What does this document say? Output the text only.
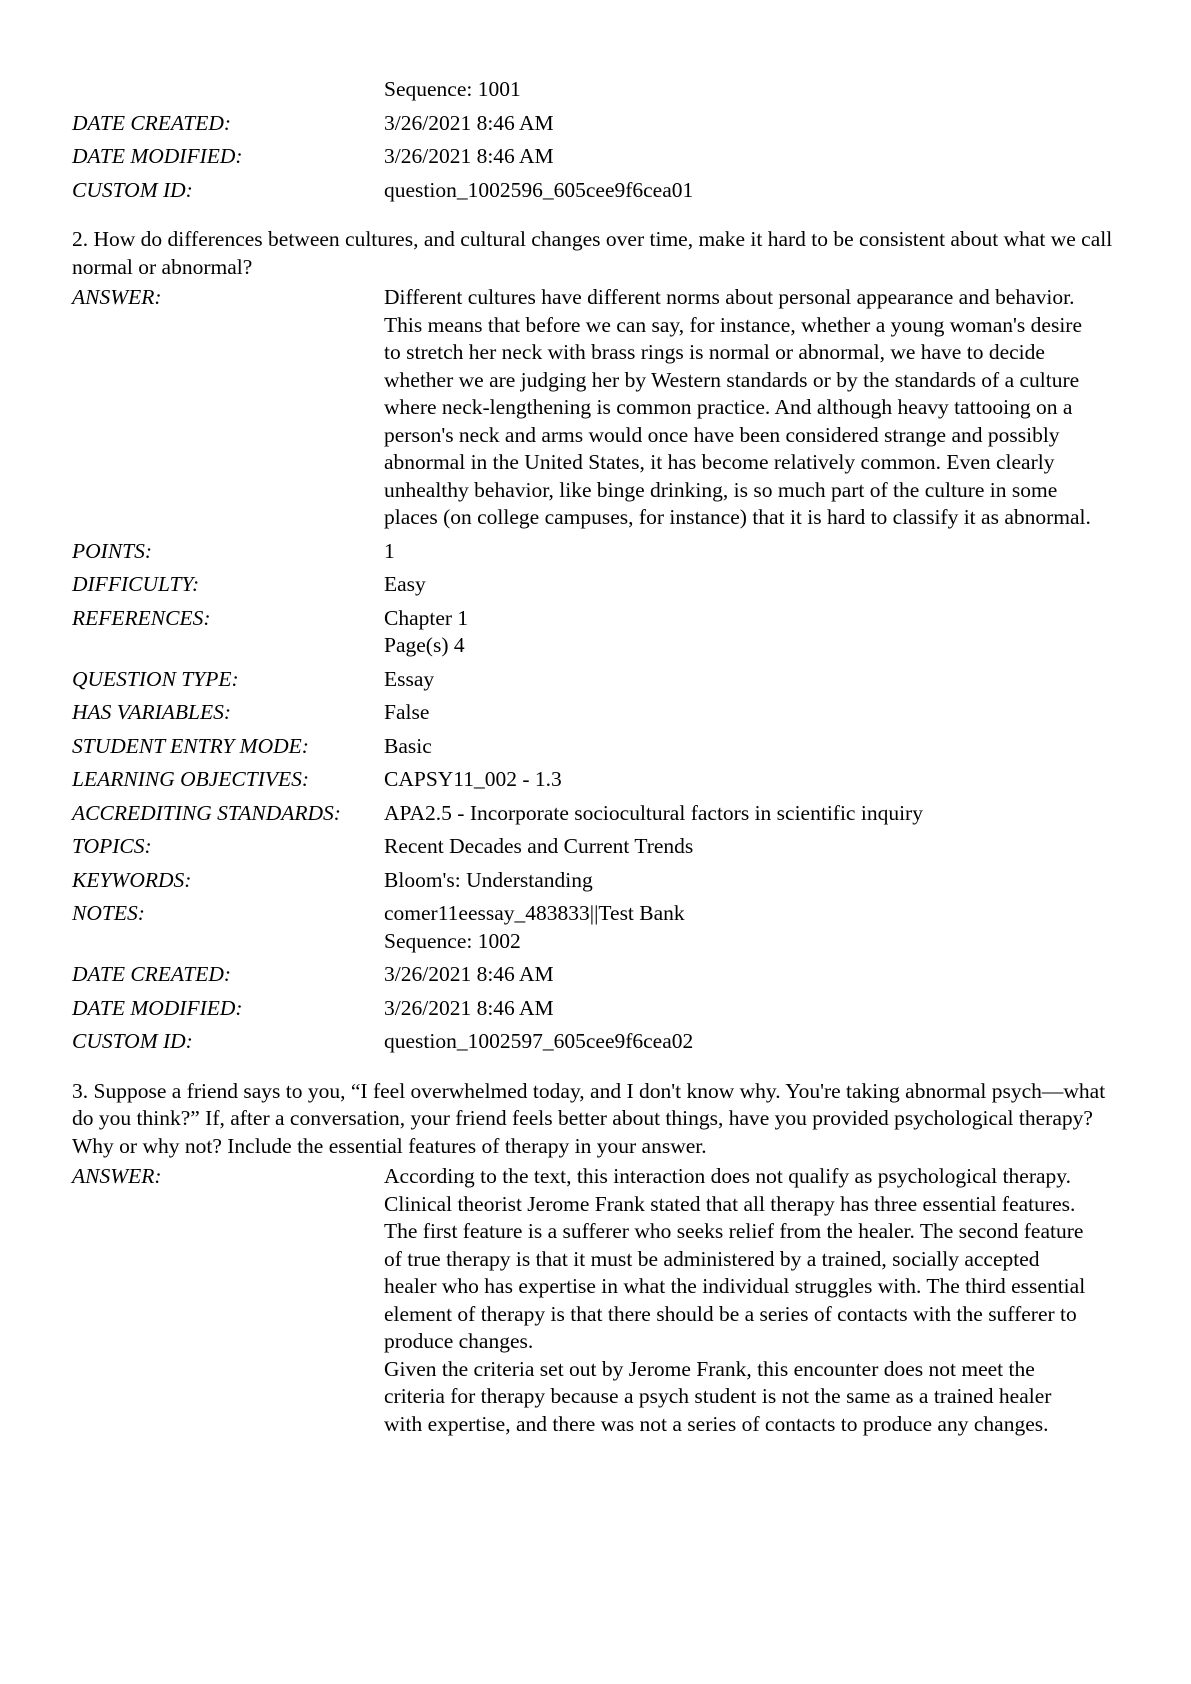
Sequence: 1001
DATE CREATED:	3/26/2021 8:46 AM
DATE MODIFIED:	3/26/2021 8:46 AM
CUSTOM ID:	question_1002596_605cee9f6cea01
2. How do differences between cultures, and cultural changes over time, make it hard to be consistent about what we call normal or abnormal?
ANSWER:	Different cultures have different norms about personal appearance and behavior. This means that before we can say, for instance, whether a young woman's desire to stretch her neck with brass rings is normal or abnormal, we have to decide whether we are judging her by Western standards or by the standards of a culture where neck-lengthening is common practice. And although heavy tattooing on a person's neck and arms would once have been considered strange and possibly abnormal in the United States, it has become relatively common. Even clearly unhealthy behavior, like binge drinking, is so much part of the culture in some places (on college campuses, for instance) that it is hard to classify it as abnormal.
POINTS:	1
DIFFICULTY:	Easy
REFERENCES:	Chapter 1
Page(s) 4
QUESTION TYPE:	Essay
HAS VARIABLES:	False
STUDENT ENTRY MODE:	Basic
LEARNING OBJECTIVES:	CAPSY11_002 - 1.3
ACCREDITING STANDARDS:	APA2.5 - Incorporate sociocultural factors in scientific inquiry
TOPICS:	Recent Decades and Current Trends
KEYWORDS:	Bloom's: Understanding
NOTES:	comer11eessay_483833||Test Bank
Sequence: 1002
DATE CREATED:	3/26/2021 8:46 AM
DATE MODIFIED:	3/26/2021 8:46 AM
CUSTOM ID:	question_1002597_605cee9f6cea02
3. Suppose a friend says to you, “I feel overwhelmed today, and I don't know why. You're taking abnormal psych—what do you think?” If, after a conversation, your friend feels better about things, have you provided psychological therapy? Why or why not? Include the essential features of therapy in your answer.
ANSWER:	According to the text, this interaction does not qualify as psychological therapy. Clinical theorist Jerome Frank stated that all therapy has three essential features. The first feature is a sufferer who seeks relief from the healer. The second feature of true therapy is that it must be administered by a trained, socially accepted healer who has expertise in what the individual struggles with. The third essential element of therapy is that there should be a series of contacts with the sufferer to produce changes.
Given the criteria set out by Jerome Frank, this encounter does not meet the criteria for therapy because a psych student is not the same as a trained healer with expertise, and there was not a series of contacts to produce any changes.
